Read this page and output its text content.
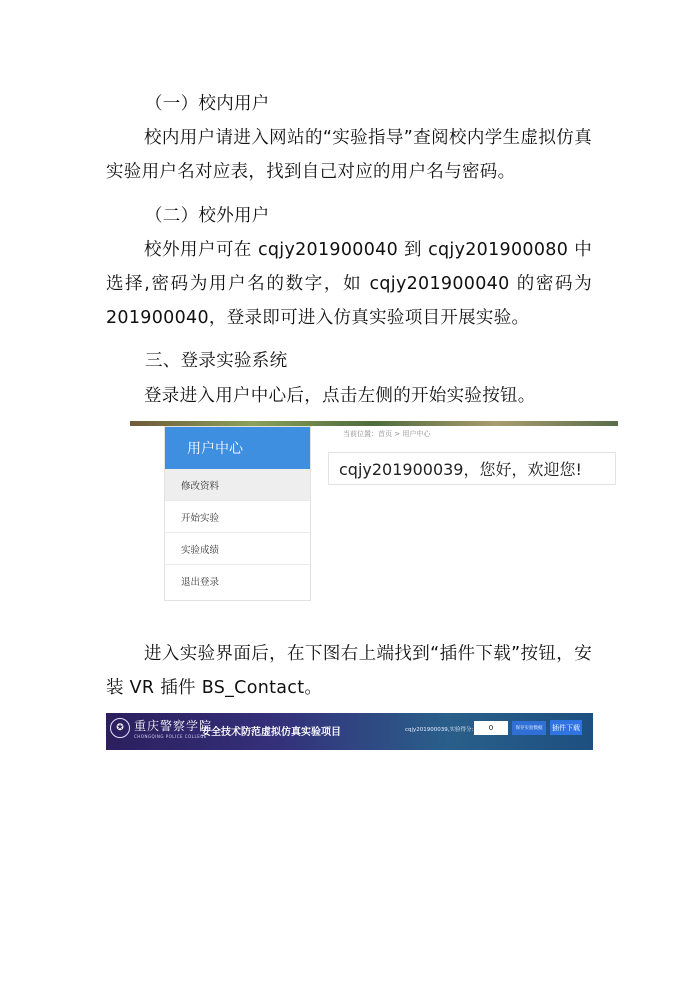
（一）校内用户

校内用户请进入网站的“实验指导”查阅校内学生虚拟仿真实验用户名对应表，找到自己对应的用户名与密码。

（二）校外用户

校外用户可在 cqjy201900040 到 cqjy201900080 中选择,密码为用户名的数字，如 cqjy201900040 的密码为 201900040，登录即可进入仿真实验项目开展实验。

三、登录实验系统

登录进入用户中心后，点击左侧的开始实验按钮。

用户中心
修改资料
开始实验
实验成绩
退出登录
当前位置：首页 > 用户中心
cqjy201900039，您好，欢迎您!

进入实验界面后，在下图右上端找到“插件下载”按钮，安装 VR 插件 BS_Contact。

✪ 重庆警察学院
CHONGQING POLICE COLLEGE
安全技术防范虚拟仿真实验项目	cqjy201900039,实验得分:	0	保存实验数据	插件下载
